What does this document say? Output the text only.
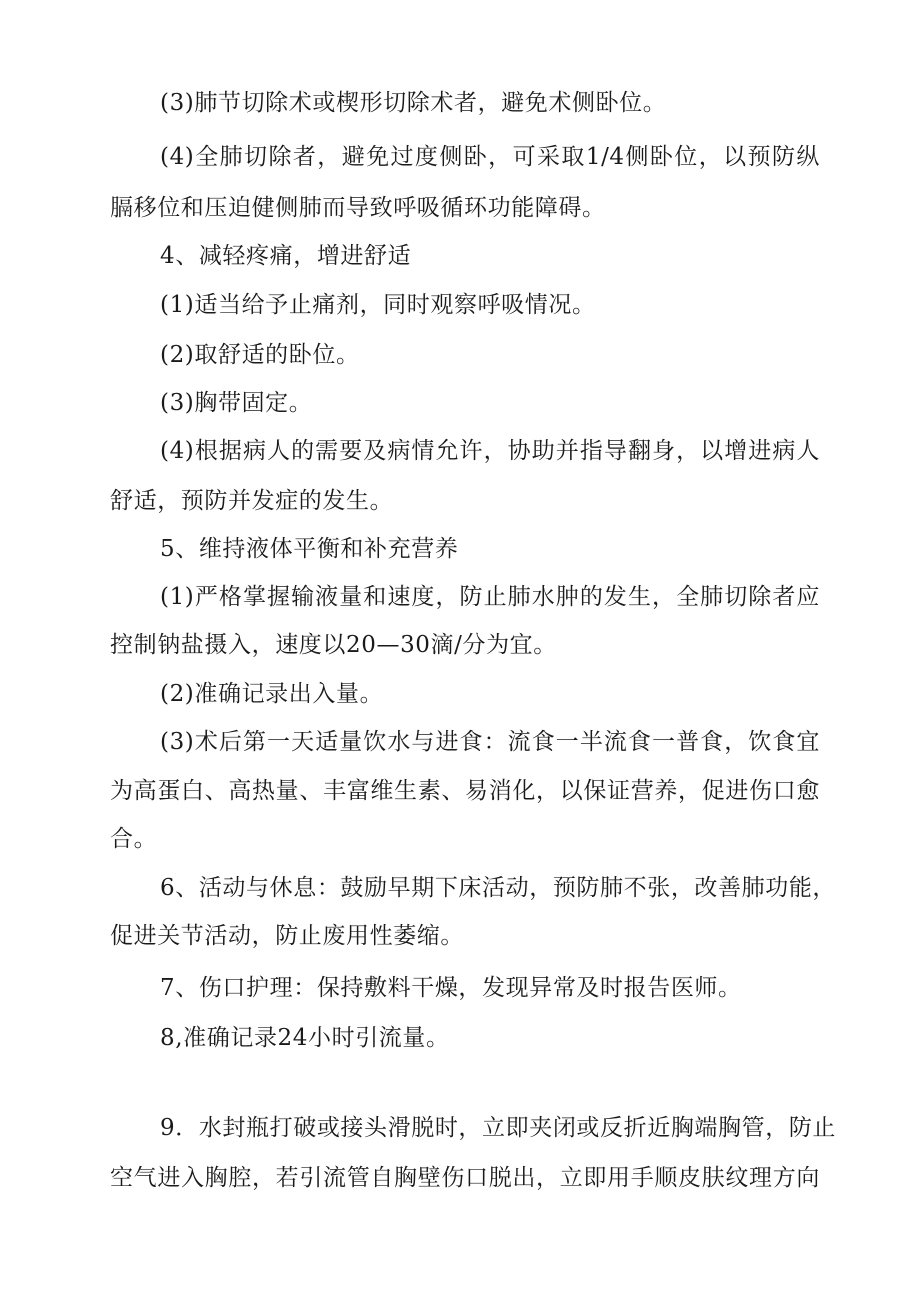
(3)肺节切除术或楔形切除术者，避免术侧卧位。
(4)全肺切除者，避免过度侧卧，可采取1/4侧卧位，以预防纵
膈移位和压迫健侧肺而导致呼吸循环功能障碍。
4、减轻疼痛，增进舒适
(1)适当给予止痛剂，同时观察呼吸情况。
(2)取舒适的卧位。
(3)胸带固定。
(4)根据病人的需要及病情允许，协助并指导翻身，以增进病人
舒适，预防并发症的发生。
5、维持液体平衡和补充营养
(1)严格掌握输液量和速度，防止肺水肿的发生，全肺切除者应
控制钠盐摄入，速度以20—30滴/分为宜。
(2)准确记录出入量。
(3)术后第一天适量饮水与进食：流食一半流食一普食，饮食宜
为高蛋白、高热量、丰富维生素、易消化，以保证营养，促进伤口愈
合。
6、活动与休息：鼓励早期下床活动，预防肺不张，改善肺功能，
促进关节活动，防止废用性萎缩。
7、伤口护理：保持敷料干燥，发现异常及时报告医师。
8,准确记录24小时引流量。
9．水封瓶打破或接头滑脱时，立即夹闭或反折近胸端胸管，防止
空气进入胸腔，若引流管自胸壁伤口脱出，立即用手顺皮肤纹理方向
